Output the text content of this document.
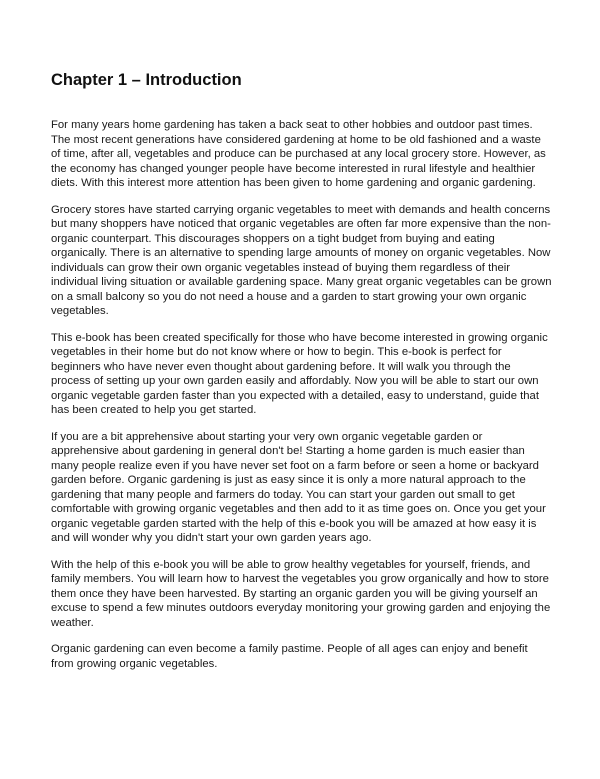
Chapter 1 – Introduction

For many years home gardening has taken a back seat to other hobbies and outdoor past times. The most recent generations have considered gardening at home to be old fashioned and a waste of time, after all, vegetables and produce can be purchased at any local grocery store. However, as the economy has changed younger people have become interested in rural lifestyle and healthier diets. With this interest more attention has been given to home gardening and organic gardening.

Grocery stores have started carrying organic vegetables to meet with demands and health concerns but many shoppers have noticed that organic vegetables are often far more expensive than the non-organic counterpart. This discourages shoppers on a tight budget from buying and eating organically. There is an alternative to spending large amounts of money on organic vegetables. Now individuals can grow their own organic vegetables instead of buying them regardless of their individual living situation or available gardening space. Many great organic vegetables can be grown on a small balcony so you do not need a house and a garden to start growing your own organic vegetables.

This e-book has been created specifically for those who have become interested in growing organic vegetables in their home but do not know where or how to begin. This e-book is perfect for beginners who have never even thought about gardening before. It will walk you through the process of setting up your own garden easily and affordably. Now you will be able to start our own organic vegetable garden faster than you expected with a detailed, easy to understand, guide that has been created to help you get started.

If you are a bit apprehensive about starting your very own organic vegetable garden or apprehensive about gardening in general don't be! Starting a home garden is much easier than many people realize even if you have never set foot on a farm before or seen a home or backyard garden before. Organic gardening is just as easy since it is only a more natural approach to the gardening that many people and farmers do today. You can start your garden out small to get comfortable with growing organic vegetables and then add to it as time goes on. Once you get your organic vegetable garden started with the help of this e-book you will be amazed at how easy it is and will wonder why you didn't start your own garden years ago.

With the help of this e-book you will be able to grow healthy vegetables for yourself, friends, and family members. You will learn how to harvest the vegetables you grow organically and how to store them once they have been harvested. By starting an organic garden you will be giving yourself an excuse to spend a few minutes outdoors everyday monitoring your growing garden and enjoying the weather.

Organic gardening can even become a family pastime. People of all ages can enjoy and benefit from growing organic vegetables.
